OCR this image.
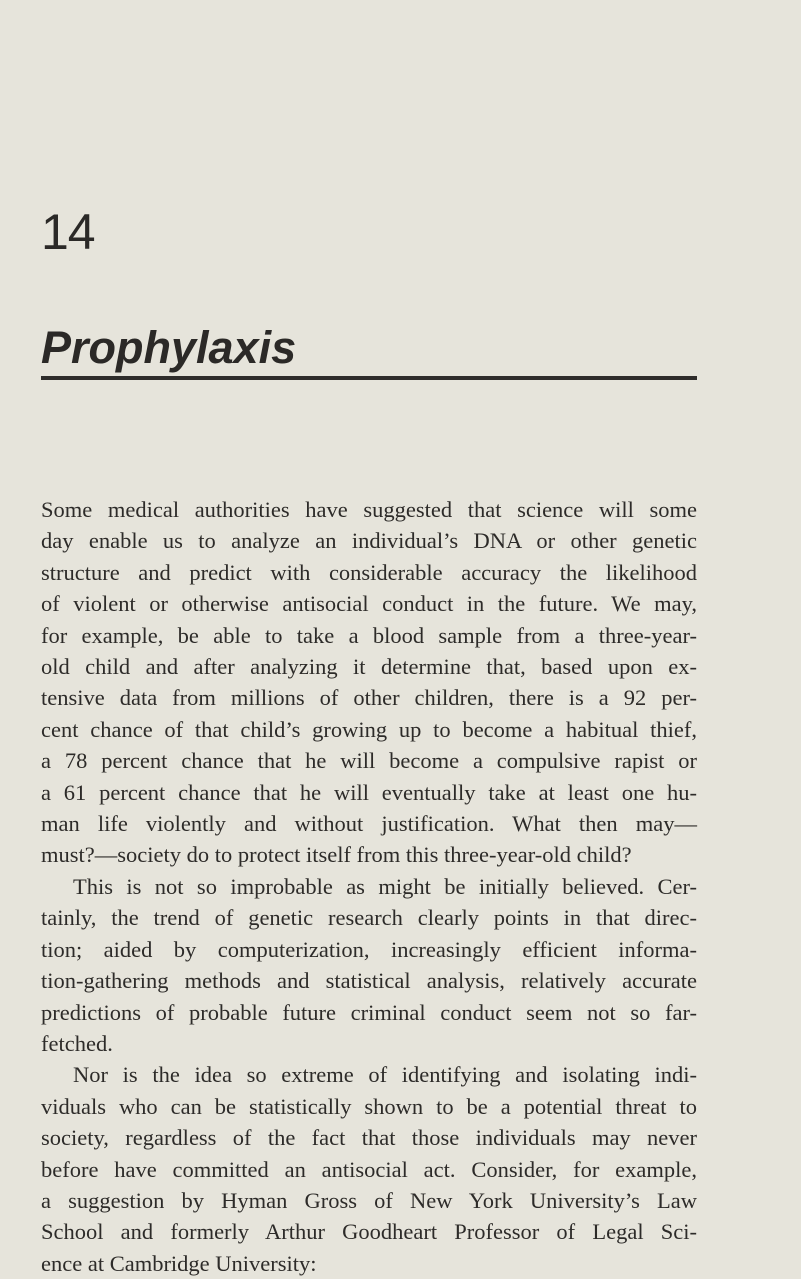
14
Prophylaxis

Some medical authorities have suggested that science will some
day enable us to analyze an individual’s DNA or other genetic
structure and predict with considerable accuracy the likelihood
of violent or otherwise antisocial conduct in the future. We may,
for example, be able to take a blood sample from a three-year-
old child and after analyzing it determine that, based upon ex-
tensive data from millions of other children, there is a 92 per-
cent chance of that child’s growing up to become a habitual thief,
a 78 percent chance that he will become a compulsive rapist or
a 61 percent chance that he will eventually take at least one hu-
man life violently and without justification. What then may—
must?—society do to protect itself from this three-year-old child?

This is not so improbable as might be initially believed. Cer-
tainly, the trend of genetic research clearly points in that direc-
tion; aided by computerization, increasingly efficient informa-
tion-gathering methods and statistical analysis, relatively accurate
predictions of probable future criminal conduct seem not so far-
fetched.

Nor is the idea so extreme of identifying and isolating indi-
viduals who can be statistically shown to be a potential threat to
society, regardless of the fact that those individuals may never
before have committed an antisocial act. Consider, for example,
a suggestion by Hyman Gross of New York University’s Law
School and formerly Arthur Goodheart Professor of Legal Sci-
ence at Cambridge University:
